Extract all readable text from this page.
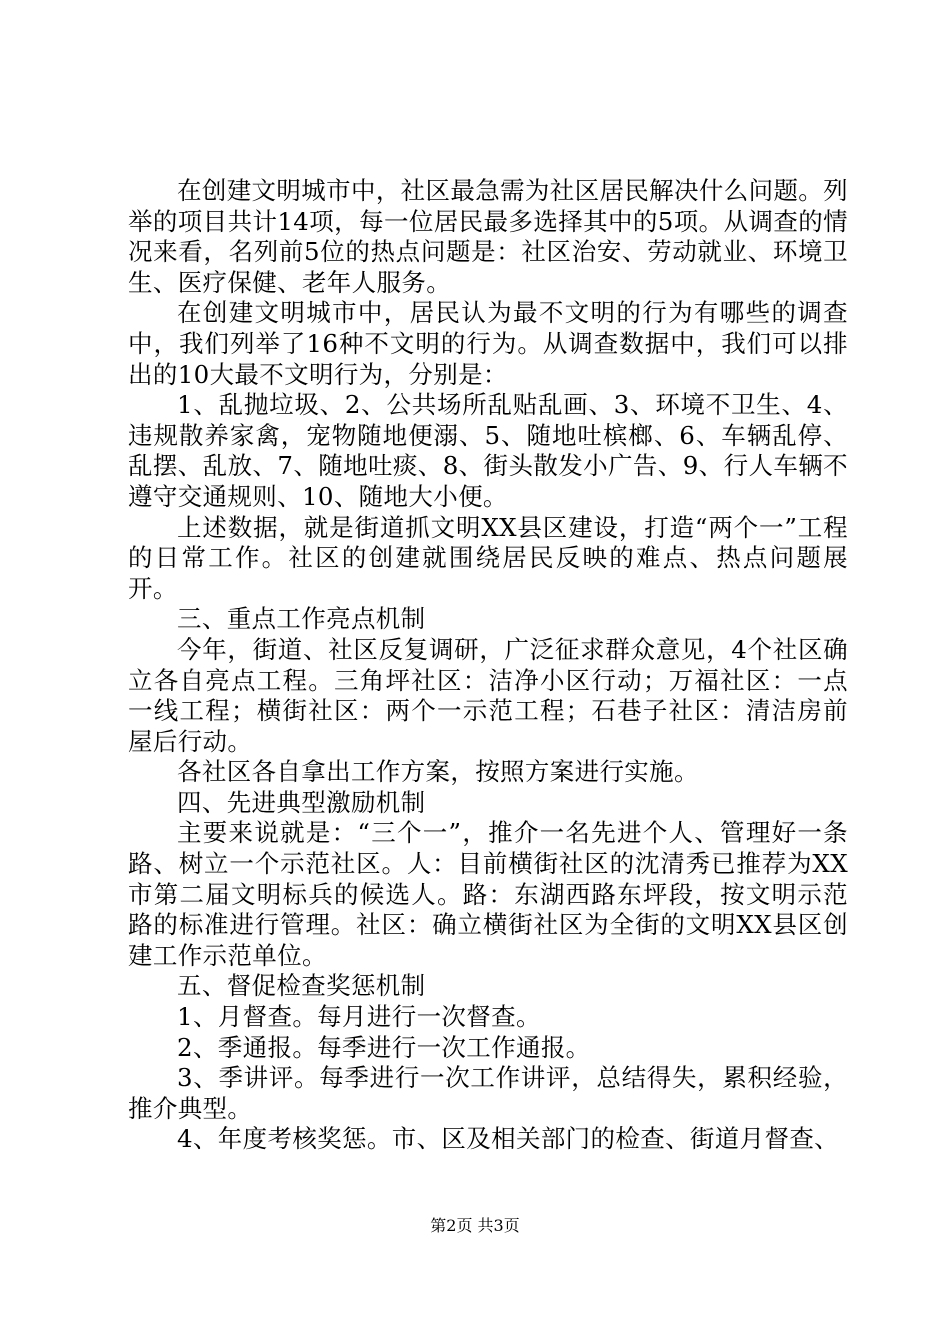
在创建文明城市中，社区最急需为社区居民解决什么问题。列举的项目共计14项，每一位居民最多选择其中的5项。从调查的情况来看，名列前5位的热点问题是：社区治安、劳动就业、环境卫生、医疗保健、老年人服务。

在创建文明城市中，居民认为最不文明的行为有哪些的调查中，我们列举了16种不文明的行为。从调查数据中，我们可以排出的10大最不文明行为，分别是：

1、乱抛垃圾、2、公共场所乱贴乱画、3、环境不卫生、4、违规散养家禽，宠物随地便溺、5、随地吐槟榔、6、车辆乱停、乱摆、乱放、7、随地吐痰、8、街头散发小广告、9、行人车辆不遵守交通规则、10、随地大小便。

上述数据，就是街道抓文明XX县区建设，打造“两个一”工程的日常工作。社区的创建就围绕居民反映的难点、热点问题展开。

三、重点工作亮点机制

今年，街道、社区反复调研，广泛征求群众意见，4个社区确立各自亮点工程。三角坪社区：洁净小区行动；万福社区：一点一线工程；横街社区：两个一示范工程；石巷子社区：清洁房前屋后行动。

各社区各自拿出工作方案，按照方案进行实施。

四、先进典型激励机制

主要来说就是：“三个一”，推介一名先进个人、管理好一条路、树立一个示范社区。人：目前横街社区的沈清秀已推荐为XX市第二届文明标兵的候选人。路：东湖西路东坪段，按文明示范路的标准进行管理。社区：确立横街社区为全街的文明XX县区创建工作示范单位。

五、督促检查奖惩机制

1、月督查。每月进行一次督查。

2、季通报。每季进行一次工作通报。

3、季讲评。每季进行一次工作讲评，总结得失，累积经验，推介典型。

4、年度考核奖惩。市、区及相关部门的检查、街道月督查、

第2页 共3页
